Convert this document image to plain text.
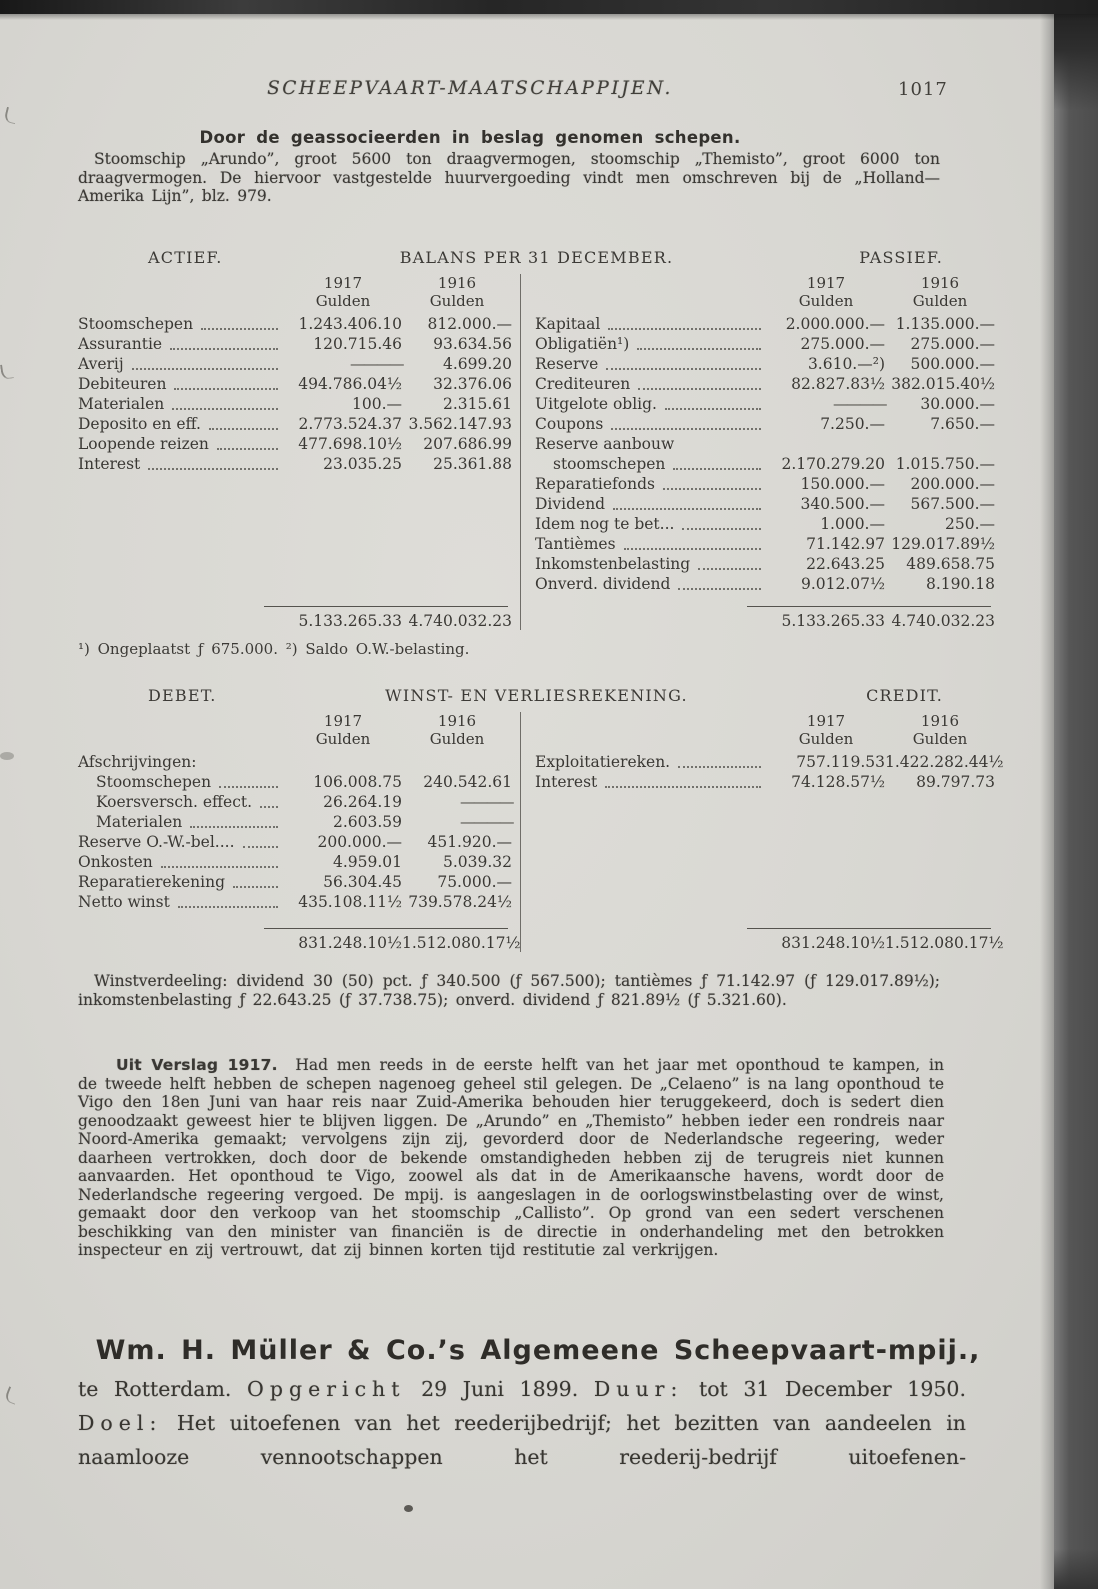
SCHEEPVAART-MAATSCHAPPIJEN.	1017
Door de geassocieerden in beslag genomen schepen.

Stoomschip „Arundo”, groot 5600 ton draagvermogen, stoomschip „Themisto”, groot 6000 ton draagvermogen. De hiervoor vastgestelde huurvergoeding vindt men omschreven bij de „Holland—Amerika Lijn”, blz. 979.

ACTIEF.	BALANS PER 31 DECEMBER.	PASSIEF.
1917	1916
Gulden	Gulden
Stoomschepen	1.243.406.10	812.000.—
Assurantie	120.715.46	93.634.56
Averij	————	4.699.20
Debiteuren	494.786.04½	32.376.06
Materialen	100.—	2.315.61
Deposito en eff.	2.773.524.37 3.562.147.93
Loopende reizen	477.698.10½	207.686.99
Interest	23.035.25	25.361.88
5.133.265.33 4.740.032.23
1917	1916
Gulden	Gulden
Kapitaal	2.000.000.— 1.135.000.—
Obligatiën¹)	275.000.—	275.000.—
Reserve	3.610.—²)	500.000.—
Crediteuren	82.827.83½ 382.015.40½
Uitgelote oblig.	————	30.000.—
Coupons	7.250.—	7.650.—
Reserve aanbouw
stoomschepen	2.170.279.20 1.015.750.—
Reparatiefonds	150.000.—	200.000.—
Dividend	340.500.—	567.500.—
Idem nog te bet...	1.000.—	250.—
Tantièmes	71.142.97 129.017.89½
Inkomstenbelasting	22.643.25	489.658.75
Onverd. dividend	9.012.07½	8.190.18
5.133.265.33 4.740.032.23
¹) Ongeplaatst ƒ 675.000. ²) Saldo O.W.-belasting.
DEBET.	WINST- EN VERLIESREKENING.	CREDIT.
1917	1916
Gulden	Gulden
Afschrijvingen:
Stoomschepen	106.008.75	240.542.61
Koersversch. effect.	26.264.19	————
Materialen	2.603.59	————
Reserve O.-W.-bel....	200.000.—	451.920.—
Onkosten	4.959.01	5.039.32
Reparatierekening	56.304.45	75.000.—
Netto winst	435.108.11½ 739.578.24½
831.248.10½ 1.512.080.17½
1917	1916
Gulden	Gulden
Exploitatiereken.	757.119.53 1.422.282.44½
Interest	74.128.57½	89.797.73
831.248.10½ 1.512.080.17½

Winstverdeeling: dividend 30 (50) pct. ƒ 340.500 (ƒ 567.500); tantièmes ƒ 71.142.97 (ƒ 129.017.89½); inkomstenbelasting ƒ 22.643.25 (ƒ 37.738.75); onverd. dividend ƒ 821.89½ (ƒ 5.321.60).

Uit Verslag 1917. Had men reeds in de eerste helft van het jaar met oponthoud te kampen, in de tweede helft hebben de schepen nagenoeg geheel stil gelegen. De „Celaeno” is na lang oponthoud te Vigo den 18en Juni van haar reis naar Zuid-Amerika behouden hier teruggekeerd, doch is sedert dien genoodzaakt geweest hier te blijven liggen. De „Arundo” en „Themisto” hebben ieder een rondreis naar Noord-Amerika gemaakt; vervolgens zijn zij, gevorderd door de Nederlandsche regeering, weder daarheen vertrokken, doch door de bekende omstandigheden hebben zij de terugreis niet kunnen aanvaarden. Het oponthoud te Vigo, zoowel als dat in de Amerikaansche havens, wordt door de Nederlandsche regeering vergoed. De mpij. is aangeslagen in de oorlogswinstbelasting over de winst, gemaakt door den verkoop van het stoomschip „Callisto”. Op grond van een sedert verschenen beschikking van den minister van financiën is de directie in onderhandeling met den betrokken inspecteur en zij vertrouwt, dat zij binnen korten tijd restitutie zal verkrijgen.

Wm. H. Müller & Co.’s Algemeene Scheepvaart-mpij.,

te Rotterdam. Opgericht 29 Juni 1899. Duur: tot 31 December 1950. Doel: Het uitoefenen van het reederijbedrijf; het bezitten van aandeelen in naamlooze vennootschappen het reederij-bedrijf uitoefenen-
